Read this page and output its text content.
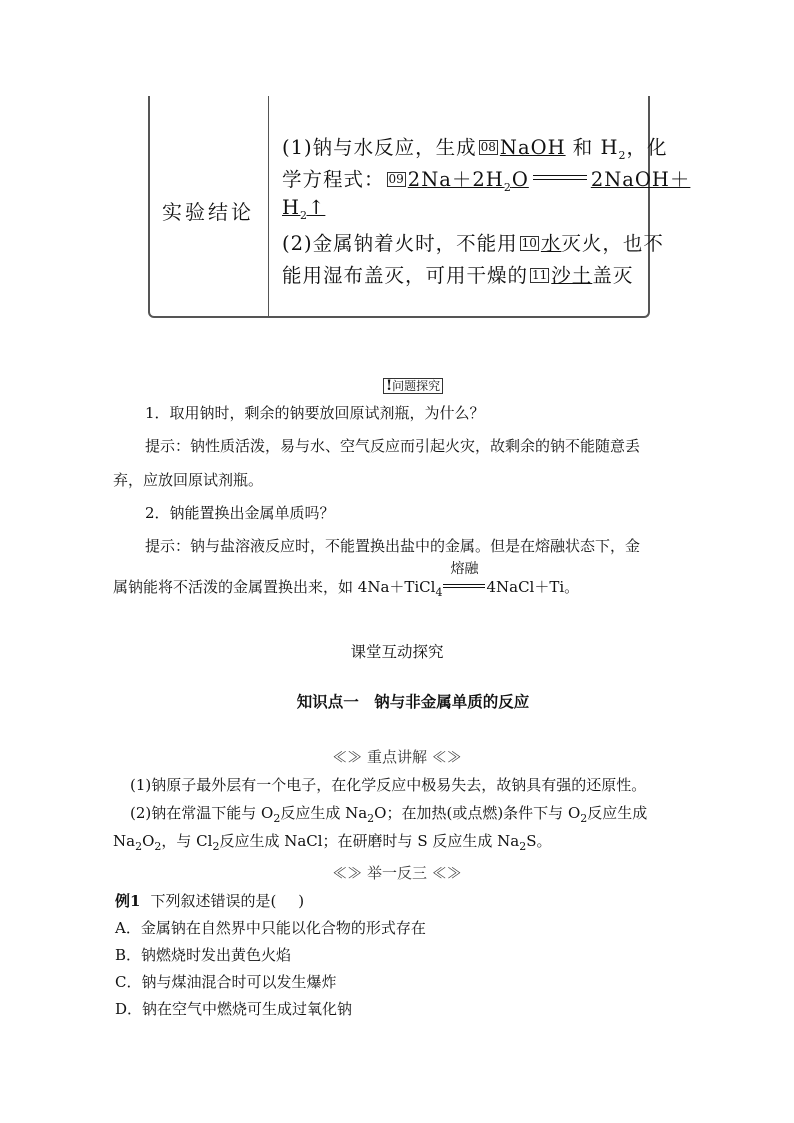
实验结论
(1)钠与水反应，生成 08 NaOH 和 $H_2$，化
学方程式： 09 $2Na+2H_2O$	2NaOH＋
$H_2↑$
(2)金属钠着火时，不能用 10 水灭火，也不
能用湿布盖灭，可用干燥的 11 沙土盖灭
!问题探究
1．取用钠时，剩余的钠要放回原试剂瓶，为什么？
提示：钠性质活泼，易与水、空气反应而引起火灾，故剩余的钠不能随意丢
弃，应放回原试剂瓶。
2．钠能置换出金属单质吗？
提示：钠与盐溶液反应时，不能置换出盐中的金属。但是在熔融状态下，金
属钠能将不活泼的金属置换出来，如 4Na＋TiCl$_4$
熔融
4NaCl＋Ti。
课堂互动探究
知识点一　钠与非金属单质的反应
≪≫ 重点讲解 ≪≫
(1)钠原子最外层有一个电子，在化学反应中极易失去，故钠具有强的还原性。
(2)钠在常温下能与 $O_2$反应生成 $Na_2O$；在加热(或点燃)条件下与 $O_2$反应生成
$Na_2O_2$，与 $Cl_2$反应生成 NaCl；在研磨时与 S 反应生成 $Na_2S$。
≪≫ 举一反三 ≪≫
例1 下列叙述错误的是( )
A．金属钠在自然界中只能以化合物的形式存在
B．钠燃烧时发出黄色火焰
C．钠与煤油混合时可以发生爆炸
D．钠在空气中燃烧可生成过氧化钠
